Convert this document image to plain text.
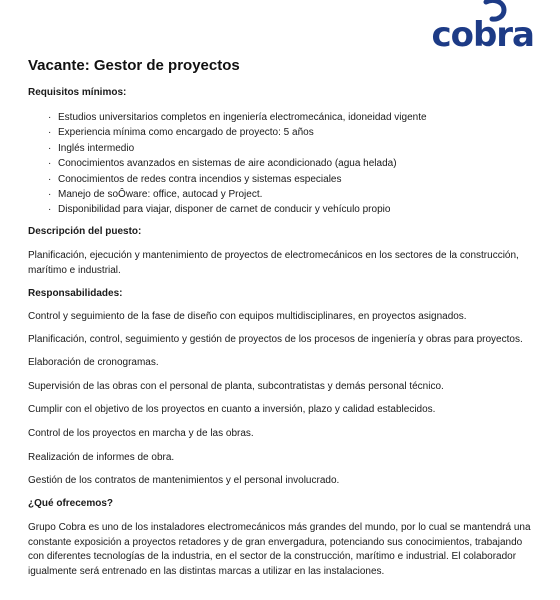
cobra
Vacante: Gestor de proyectos
Requisitos mínimos:
· Estudios universitarios completos en ingeniería electromecánica, idoneidad vigente
· Experiencia mínima como encargado de proyecto: 5 años
· Inglés intermedio
· Conocimientos avanzados en sistemas de aire acondicionado (agua helada)
· Conocimientos de redes contra incendios y sistemas especiales
· Manejo de soÔware: office, autocad y Project.
· Disponibilidad para viajar, disponer de carnet de conducir y vehículo propio
Descripción del puesto:

Planificación, ejecución y mantenimiento de proyectos de electromecánicos en los sectores de la construcción, marítimo e industrial.

Responsabilidades:

Control y seguimiento de la fase de diseño con equipos multidisciplinares, en proyectos asignados.

Planificación, control, seguimiento y gestión de proyectos de los procesos de ingeniería y obras para proyectos.

Elaboración de cronogramas.

Supervisión de las obras con el personal de planta, subcontratistas y demás personal técnico.

Cumplir con el objetivo de los proyectos en cuanto a inversión, plazo y calidad establecidos.

Control de los proyectos en marcha y de las obras.

Realización de informes de obra.

Gestión de los contratos de mantenimientos y el personal involucrado.

¿Qué ofrecemos?

Grupo Cobra es uno de los instaladores electromecánicos más grandes del mundo, por lo cual se mantendrá una constante exposición a proyectos retadores y de gran envergadura, potenciando sus conocimientos, trabajando con diferentes tecnologías de la industria, en el sector de la construcción, marítimo e industrial. El colaborador igualmente será entrenado en las distintas marcas a utilizar en las instalaciones.
